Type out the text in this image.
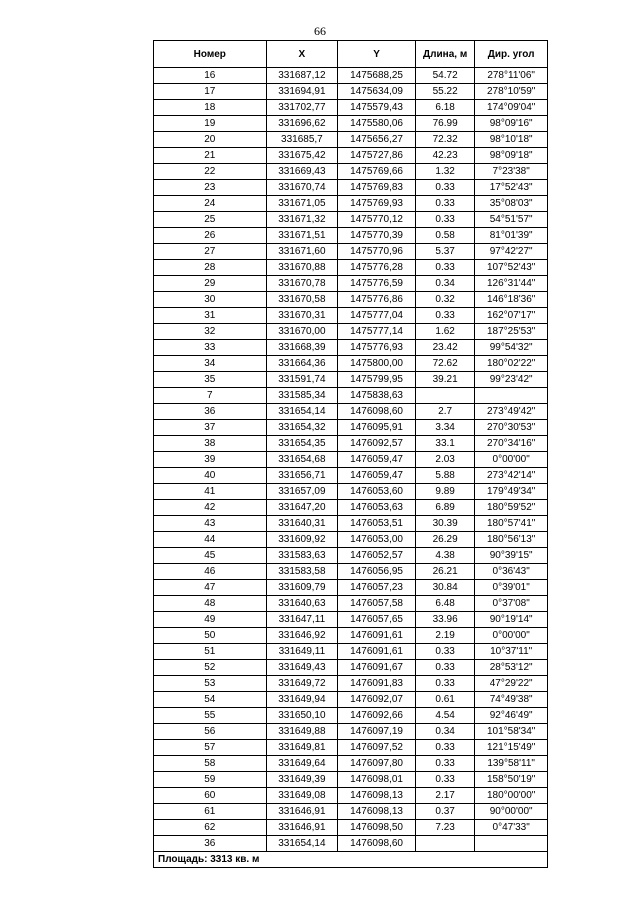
66
Номер	X	Y	Длина, м	Дир. угол
16	331687,12	1475688,25	54.72	278°11'06"
17	331694,91	1475634,09	55.22	278°10'59"
18	331702,77	1475579,43	6.18	174°09'04"
19	331696,62	1475580,06	76.99	98°09'16"
20	331685,7	1475656,27	72.32	98°10'18"
21	331675,42	1475727,86	42.23	98°09'18"
22	331669,43	1475769,66	1.32	7°23'38"
23	331670,74	1475769,83	0.33	17°52'43"
24	331671,05	1475769,93	0.33	35°08'03"
25	331671,32	1475770,12	0.33	54°51'57"
26	331671,51	1475770,39	0.58	81°01'39"
27	331671,60	1475770,96	5.37	97°42'27"
28	331670,88	1475776,28	0.33	107°52'43"
29	331670,78	1475776,59	0.34	126°31'44"
30	331670,58	1475776,86	0.32	146°18'36"
31	331670,31	1475777,04	0.33	162°07'17"
32	331670,00	1475777,14	1.62	187°25'53"
33	331668,39	1475776,93	23.42	99°54'32"
34	331664,36	1475800,00	72.62	180°02'22"
35	331591,74	1475799,95	39.21	99°23'42"
7	331585,34	1475838,63		
36	331654,14	1476098,60	2.7	273°49'42"
37	331654,32	1476095,91	3.34	270°30'53"
38	331654,35	1476092,57	33.1	270°34'16"
39	331654,68	1476059,47	2.03	0°00'00"
40	331656,71	1476059,47	5.88	273°42'14"
41	331657,09	1476053,60	9.89	179°49'34"
42	331647,20	1476053,63	6.89	180°59'52"
43	331640,31	1476053,51	30.39	180°57'41"
44	331609,92	1476053,00	26.29	180°56'13"
45	331583,63	1476052,57	4.38	90°39'15"
46	331583,58	1476056,95	26.21	0°36'43"
47	331609,79	1476057,23	30.84	0°39'01"
48	331640,63	1476057,58	6.48	0°37'08"
49	331647,11	1476057,65	33.96	90°19'14"
50	331646,92	1476091,61	2.19	0°00'00"
51	331649,11	1476091,61	0.33	10°37'11"
52	331649,43	1476091,67	0.33	28°53'12"
53	331649,72	1476091,83	0.33	47°29'22"
54	331649,94	1476092,07	0.61	74°49'38"
55	331650,10	1476092,66	4.54	92°46'49"
56	331649,88	1476097,19	0.34	101°58'34"
57	331649,81	1476097,52	0.33	121°15'49"
58	331649,64	1476097,80	0.33	139°58'11"
59	331649,39	1476098,01	0.33	158°50'19"
60	331649,08	1476098,13	2.17	180°00'00"
61	331646,91	1476098,13	0.37	90°00'00"
62	331646,91	1476098,50	7.23	0°47'33"
36	331654,14	1476098,60		
Площадь: 3313 кв. м				
